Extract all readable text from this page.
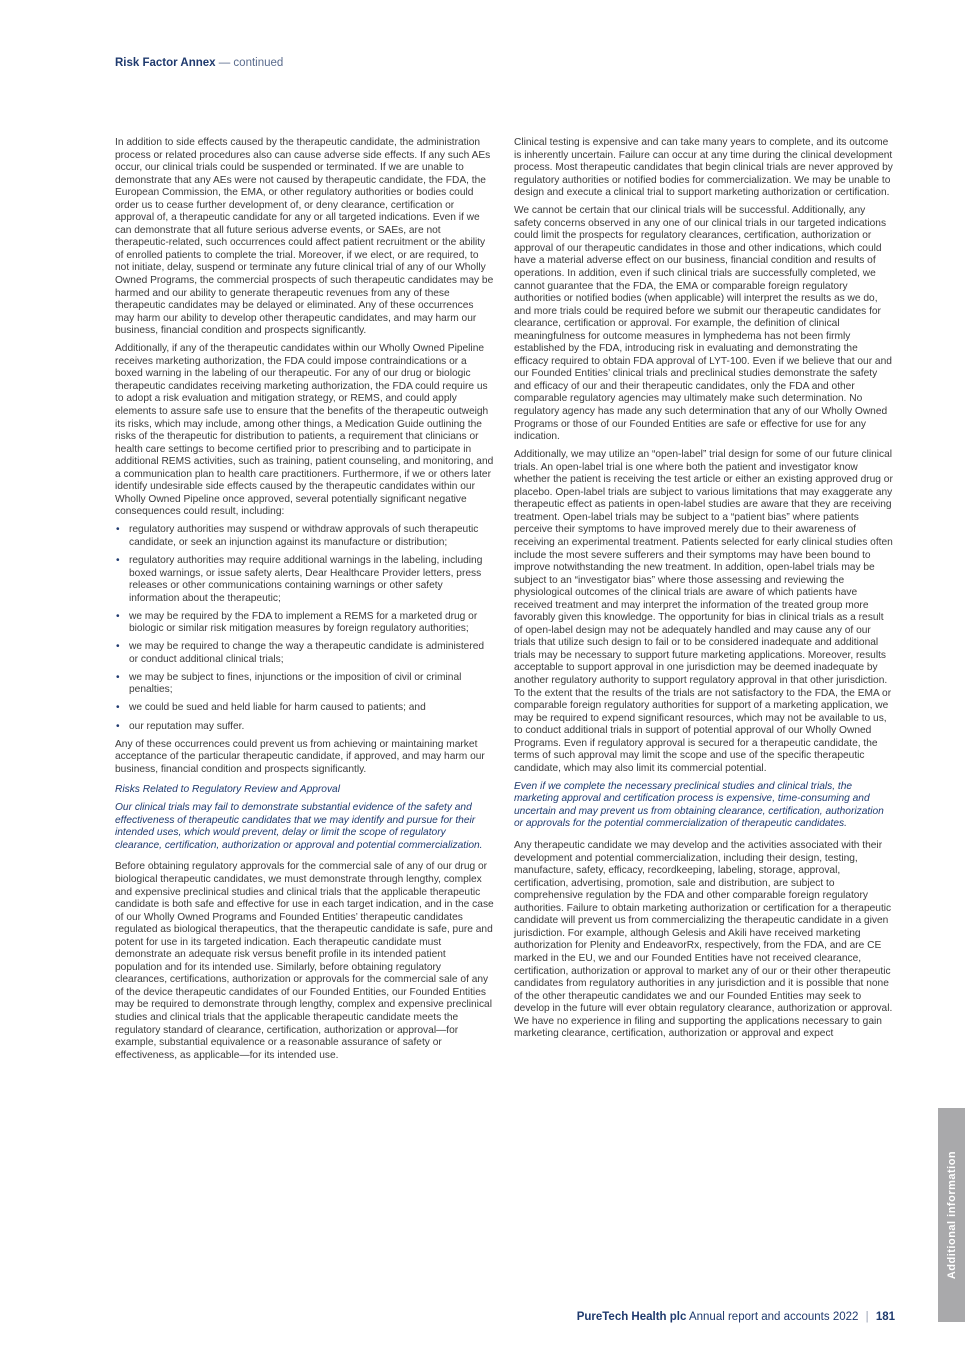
Risk Factor Annex — continued

In addition to side effects caused by the therapeutic candidate, the administration process or related procedures also can cause adverse side effects. If any such AEs occur, our clinical trials could be suspended or terminated. If we are unable to demonstrate that any AEs were not caused by therapeutic candidate, the FDA, the European Commission, the EMA, or other regulatory authorities or bodies could order us to cease further development of, or deny clearance, certification or approval of, a therapeutic candidate for any or all targeted indications. Even if we can demonstrate that all future serious adverse events, or SAEs, are not therapeutic-related, such occurrences could affect patient recruitment or the ability of enrolled patients to complete the trial. Moreover, if we elect, or are required, to not initiate, delay, suspend or terminate any future clinical trial of any of our Wholly Owned Programs, the commercial prospects of such therapeutic candidates may be harmed and our ability to generate therapeutic revenues from any of these therapeutic candidates may be delayed or eliminated. Any of these occurrences may harm our ability to develop other therapeutic candidates, and may harm our business, financial condition and prospects significantly.

Additionally, if any of the therapeutic candidates within our Wholly Owned Pipeline receives marketing authorization, the FDA could impose contraindications or a boxed warning in the labeling of our therapeutic. For any of our drug or biologic therapeutic candidates receiving marketing authorization, the FDA could require us to adopt a risk evaluation and mitigation strategy, or REMS, and could apply elements to assure safe use to ensure that the benefits of the therapeutic outweigh its risks, which may include, among other things, a Medication Guide outlining the risks of the therapeutic for distribution to patients, a requirement that clinicians or health care settings to become certified prior to prescribing and to participate in additional REMS activities, such as training, patient counseling, and monitoring, and a communication plan to health care practitioners. Furthermore, if we or others later identify undesirable side effects caused by the therapeutic candidates within our Wholly Owned Pipeline once approved, several potentially significant negative consequences could result, including:

• regulatory authorities may suspend or withdraw approvals of such therapeutic candidate, or seek an injunction against its manufacture or distribution;
• regulatory authorities may require additional warnings in the labeling, including boxed warnings, or issue safety alerts, Dear Healthcare Provider letters, press releases or other communications containing warnings or other safety information about the therapeutic;
• we may be required by the FDA to implement a REMS for a marketed drug or biologic or similar risk mitigation measures by foreign regulatory authorities;
• we may be required to change the way a therapeutic candidate is administered or conduct additional clinical trials;
• we may be subject to fines, injunctions or the imposition of civil or criminal penalties;
• we could be sued and held liable for harm caused to patients; and
• our reputation may suffer.

Any of these occurrences could prevent us from achieving or maintaining market acceptance of the particular therapeutic candidate, if approved, and may harm our business, financial condition and prospects significantly.

Risks Related to Regulatory Review and Approval

Our clinical trials may fail to demonstrate substantial evidence of the safety and effectiveness of therapeutic candidates that we may identify and pursue for their intended uses, which would prevent, delay or limit the scope of regulatory clearance, certification, authorization or approval and potential commercialization.

Before obtaining regulatory approvals for the commercial sale of any of our drug or biological therapeutic candidates, we must demonstrate through lengthy, complex and expensive preclinical studies and clinical trials that the applicable therapeutic candidate is both safe and effective for use in each target indication, and in the case of our Wholly Owned Programs and Founded Entities’ therapeutic candidates regulated as biological therapeutics, that the therapeutic candidate is safe, pure and potent for use in its targeted indication. Each therapeutic candidate must demonstrate an adequate risk versus benefit profile in its intended patient population and for its intended use. Similarly, before obtaining regulatory clearances, certifications, authorization or approvals for the commercial sale of any of the device therapeutic candidates of our Founded Entities, our Founded Entities may be required to demonstrate through lengthy, complex and expensive preclinical studies and clinical trials that the applicable therapeutic candidate meets the regulatory standard of clearance, certification, authorization or approval—for example, substantial equivalence or a reasonable assurance of safety or effectiveness, as applicable—for its intended use.

Clinical testing is expensive and can take many years to complete, and its outcome is inherently uncertain. Failure can occur at any time during the clinical development process. Most therapeutic candidates that begin clinical trials are never approved by regulatory authorities or notified bodies for commercialization. We may be unable to design and execute a clinical trial to support marketing authorization or certification.

We cannot be certain that our clinical trials will be successful. Additionally, any safety concerns observed in any one of our clinical trials in our targeted indications could limit the prospects for regulatory clearances, certification, authorization or approval of our therapeutic candidates in those and other indications, which could have a material adverse effect on our business, financial condition and results of operations. In addition, even if such clinical trials are successfully completed, we cannot guarantee that the FDA, the EMA or comparable foreign regulatory authorities or notified bodies (when applicable) will interpret the results as we do, and more trials could be required before we submit our therapeutic candidates for clearance, certification or approval. For example, the definition of clinical meaningfulness for outcome measures in lymphedema has not been firmly established by the FDA, introducing risk in evaluating and demonstrating the efficacy required to obtain FDA approval of LYT-100. Even if we believe that our and our Founded Entities’ clinical trials and preclinical studies demonstrate the safety and efficacy of our and their therapeutic candidates, only the FDA and other comparable regulatory agencies may ultimately make such determination. No regulatory agency has made any such determination that any of our Wholly Owned Programs or those of our Founded Entities are safe or effective for use for any indication.

Additionally, we may utilize an “open-label” trial design for some of our future clinical trials. An open-label trial is one where both the patient and investigator know whether the patient is receiving the test article or either an existing approved drug or placebo. Open-label trials are subject to various limitations that may exaggerate any therapeutic effect as patients in open-label studies are aware that they are receiving treatment. Open-label trials may be subject to a “patient bias” where patients perceive their symptoms to have improved merely due to their awareness of receiving an experimental treatment. Patients selected for early clinical studies often include the most severe sufferers and their symptoms may have been bound to improve notwithstanding the new treatment. In addition, open-label trials may be subject to an “investigator bias” where those assessing and reviewing the physiological outcomes of the clinical trials are aware of which patients have received treatment and may interpret the information of the treated group more favorably given this knowledge. The opportunity for bias in clinical trials as a result of open-label design may not be adequately handled and may cause any of our trials that utilize such design to fail or to be considered inadequate and additional trials may be necessary to support future marketing applications. Moreover, results acceptable to support approval in one jurisdiction may be deemed inadequate by another regulatory authority to support regulatory approval in that other jurisdiction. To the extent that the results of the trials are not satisfactory to the FDA, the EMA or comparable foreign regulatory authorities for support of a marketing application, we may be required to expend significant resources, which may not be available to us, to conduct additional trials in support of potential approval of our Wholly Owned Programs. Even if regulatory approval is secured for a therapeutic candidate, the terms of such approval may limit the scope and use of the specific therapeutic candidate, which may also limit its commercial potential.

Even if we complete the necessary preclinical studies and clinical trials, the marketing approval and certification process is expensive, time-consuming and uncertain and may prevent us from obtaining clearance, certification, authorization or approvals for the potential commercialization of therapeutic candidates.

Any therapeutic candidate we may develop and the activities associated with their development and potential commercialization, including their design, testing, manufacture, safety, efficacy, recordkeeping, labeling, storage, approval, certification, advertising, promotion, sale and distribution, are subject to comprehensive regulation by the FDA and other comparable foreign regulatory authorities. Failure to obtain marketing authorization or certification for a therapeutic candidate will prevent us from commercializing the therapeutic candidate in a given jurisdiction. For example, although Gelesis and Akili have received marketing authorization for Plenity and EndeavorRx, respectively, from the FDA, and are CE marked in the EU, we and our Founded Entities have not received clearance, certification, authorization or approval to market any of our or their other therapeutic candidates from regulatory authorities in any jurisdiction and it is possible that none of the other therapeutic candidates we and our Founded Entities may seek to develop in the future will ever obtain regulatory clearance, authorization or approval. We have no experience in filing and supporting the applications necessary to gain marketing clearance, certification, authorization or approval and expect

Additional information
PureTech Health plc Annual report and accounts 2022 | 181
